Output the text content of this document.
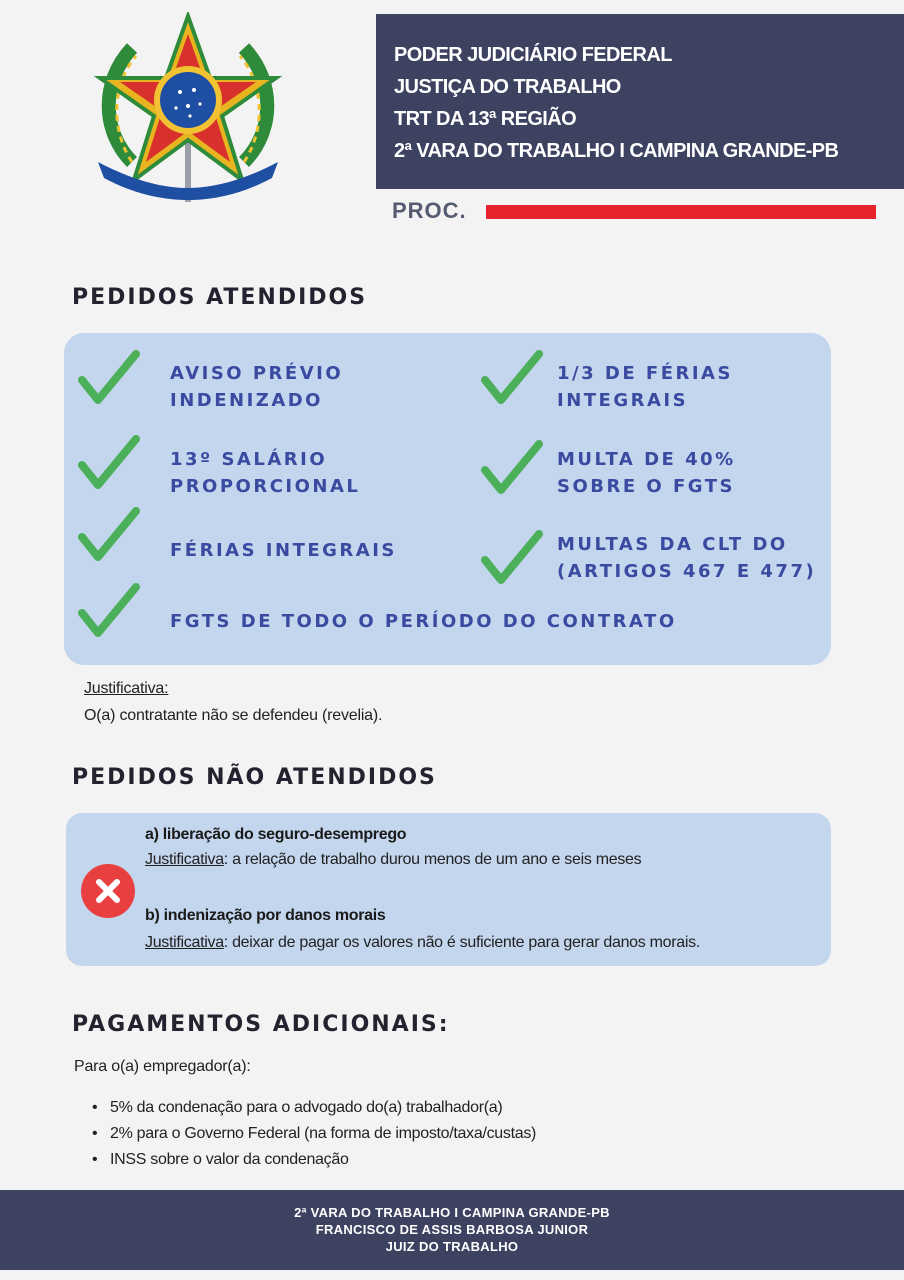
PODER JUDICIÁRIO FEDERAL
JUSTIÇA DO TRABALHO
TRT DA 13ª REGIÃO
2ª VARA DO TRABALHO I CAMPINA GRANDE-PB
PROC.
PEDIDOS ATENDIDOS
AVISO PRÉVIO
INDENIZADO
1/3 DE FÉRIAS
INTEGRAIS
13º SALÁRIO
PROPORCIONAL
MULTA DE 40%
SOBRE O FGTS
FÉRIAS INTEGRAIS	MULTAS DA CLT DO
(ARTIGOS 467 E 477)
FGTS DE TODO O PERÍODO DO CONTRATO
Justificativa:
O(a) contratante não se defendeu (revelia).
PEDIDOS NÃO ATENDIDOS
a) liberação do seguro-desemprego
Justificativa: a relação de trabalho durou menos de um ano e seis meses
b) indenização por danos morais
Justificativa: deixar de pagar os valores não é suficiente para gerar danos morais.
PAGAMENTOS ADICIONAIS:
Para o(a) empregador(a):
• 5% da condenação para o advogado do(a) trabalhador(a)
• 2% para o Governo Federal (na forma de imposto/taxa/custas)
• INSS sobre o valor da condenação
2ª VARA DO TRABALHO I CAMPINA GRANDE-PB
FRANCISCO DE ASSIS BARBOSA JUNIOR
JUIZ DO TRABALHO
